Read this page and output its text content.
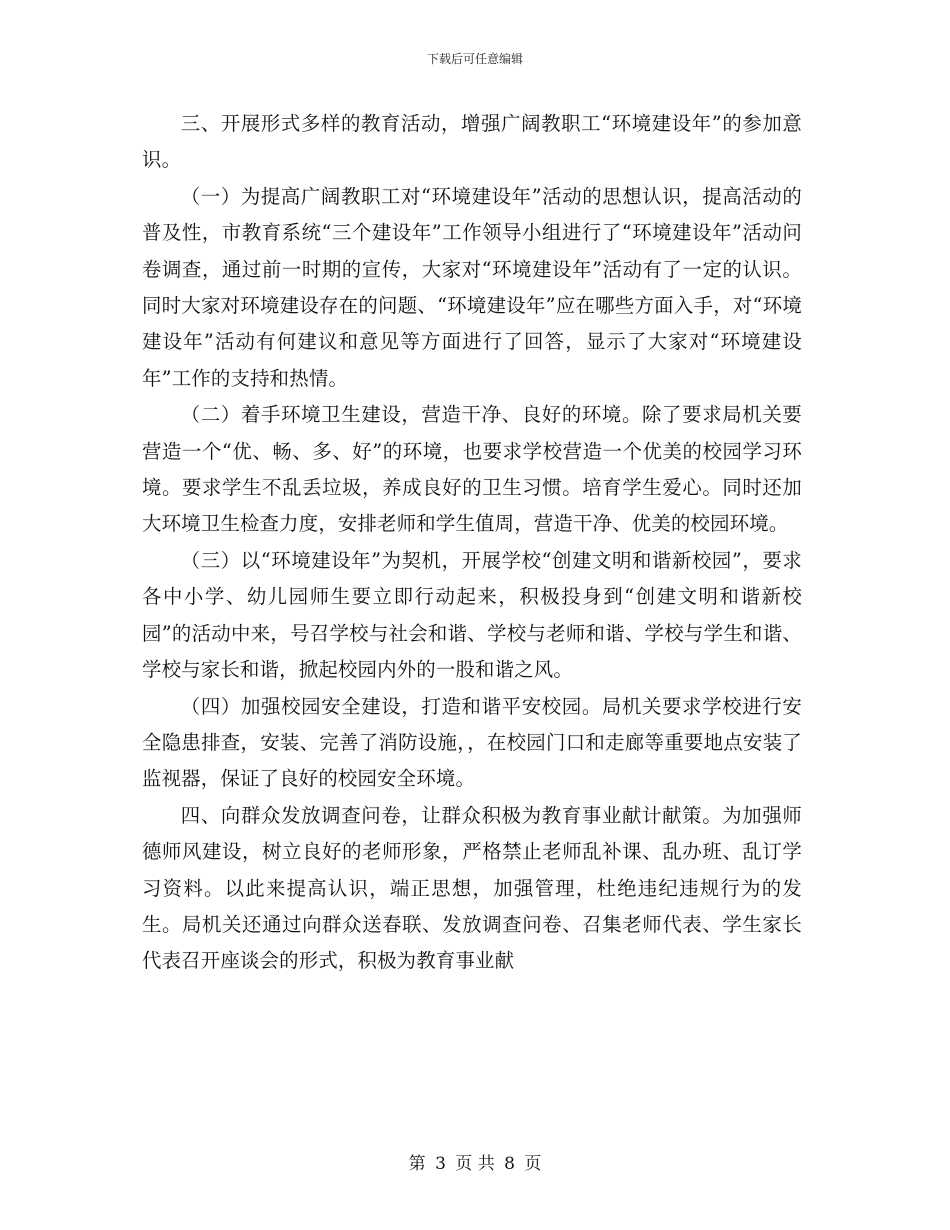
下载后可任意编辑

三、开展形式多样的教育活动，增强广阔教职工“环境建设年”的参加意识。

（一）为提高广阔教职工对“环境建设年”活动的思想认识，提高活动的普及性，市教育系统“三个建设年”工作领导小组进行了“环境建设年”活动问卷调查，通过前一时期的宣传，大家对“环境建设年”活动有了一定的认识。同时大家对环境建设存在的问题、“环境建设年”应在哪些方面入手，对“环境建设年”活动有何建议和意见等方面进行了回答，显示了大家对“环境建设年”工作的支持和热情。

（二）着手环境卫生建设，营造干净、良好的环境。除了要求局机关要营造一个“优、畅、多、好”的环境，也要求学校营造一个优美的校园学习环境。要求学生不乱丢垃圾，养成良好的卫生习惯。培育学生爱心。同时还加大环境卫生检查力度，安排老师和学生值周，营造干净、优美的校园环境。

（三）以“环境建设年”为契机，开展学校“创建文明和谐新校园”，要求各中小学、幼儿园师生要立即行动起来，积极投身到“创建文明和谐新校园”的活动中来，号召学校与社会和谐、学校与老师和谐、学校与学生和谐、学校与家长和谐，掀起校园内外的一股和谐之风。

（四）加强校园安全建设，打造和谐平安校园。局机关要求学校进行安全隐患排查，安装、完善了消防设施，，在校园门口和走廊等重要地点安装了监视器，保证了良好的校园安全环境。

四、向群众发放调查问卷，让群众积极为教育事业献计献策。为加强师德师风建设，树立良好的老师形象，严格禁止老师乱补课、乱办班、乱订学习资料。以此来提高认识，端正思想，加强管理，杜绝违纪违规行为的发生。局机关还通过向群众送春联、发放调查问卷、召集老师代表、学生家长代表召开座谈会的形式，积极为教育事业献

第 3 页 共 8 页
